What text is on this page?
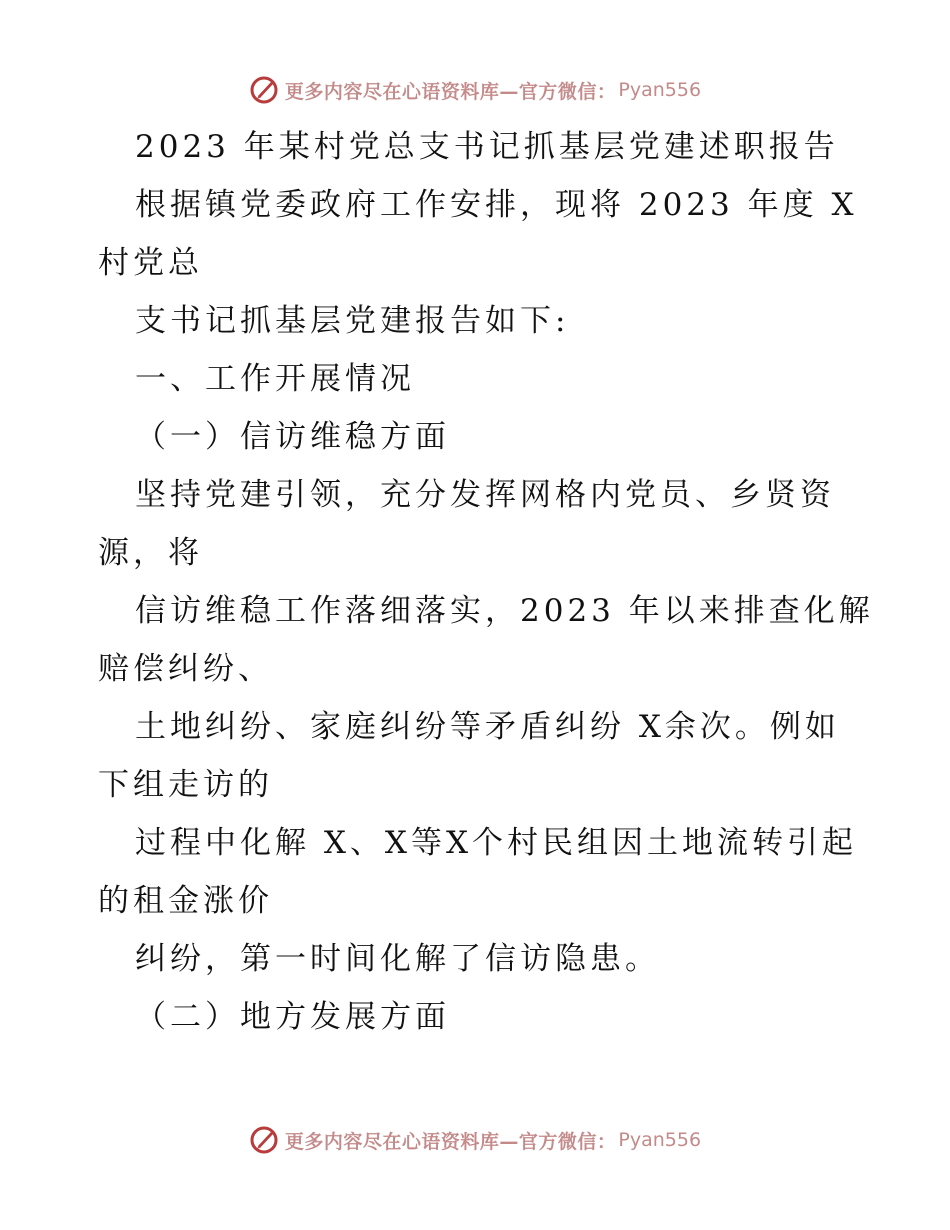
更多内容尽在心语资料库—官方微信： Pyan556
2023 年某村党总支书记抓基层党建述职报告
根据镇党委政府工作安排，现将 2023 年度 X
村党总
支书记抓基层党建报告如下:
一、工作开展情况
（一）信访维稳方面
坚持党建引领，充分发挥网格内党员、乡贤资
源，将
信访维稳工作落细落实，2023 年以来排查化解
赔偿纠纷、
土地纠纷、家庭纠纷等矛盾纠纷 X余次。例如
下组走访的
过程中化解 X、X等X个村民组因土地流转引起
的租金涨价
纠纷，第一时间化解了信访隐患。
（二）地方发展方面
更多内容尽在心语资料库—官方微信： Pyan556
